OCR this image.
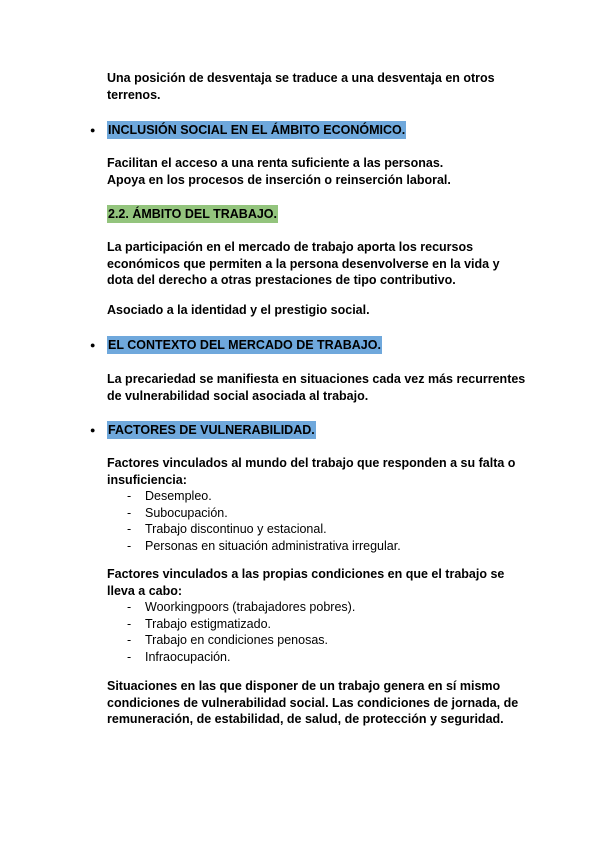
Una posición de desventaja se traduce a una desventaja en otros terrenos.
●	INCLUSIÓN SOCIAL EN EL ÁMBITO ECONÓMICO.
Facilitan el acceso a una renta suficiente a las personas.
Apoya en los procesos de inserción o reinserción laboral.
2.2. ÁMBITO DEL TRABAJO.
La participación en el mercado de trabajo aporta los recursos económicos que permiten a la persona desenvolverse en la vida y dota del derecho a otras prestaciones de tipo contributivo.
Asociado a la identidad y el prestigio social.
●	EL CONTEXTO DEL MERCADO DE TRABAJO.
La precariedad se manifiesta en situaciones cada vez más recurrentes de vulnerabilidad social asociada al trabajo.
●	FACTORES DE VULNERABILIDAD.
Factores vinculados al mundo del trabajo que responden a su falta o insuficiencia:
- Desempleo.
- Subocupación.
- Trabajo discontinuo y estacional.
- Personas en situación administrativa irregular.
Factores vinculados a las propias condiciones en que el trabajo se lleva a cabo:
- Woorkingpoors (trabajadores pobres).
- Trabajo estigmatizado.
- Trabajo en condiciones penosas.
- Infraocupación.
Situaciones en las que disponer de un trabajo genera en sí mismo condiciones de vulnerabilidad social. Las condiciones de jornada, de remuneración, de estabilidad, de salud, de protección y seguridad.
